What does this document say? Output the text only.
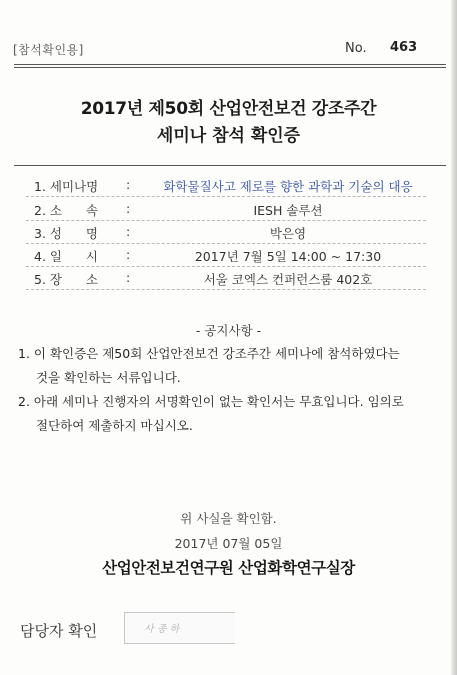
[참석확인용]	No. 463
2017년 제50회 산업안전보건 강조주간
세미나 참석 확인증
1. 세미나명 :	화학물질사고 제로를 향한 과학과 기술의 대응
2. 소      속 :	IESH 솔루션
3. 성      명 :	박은영
4. 일      시 :	2017년 7월 5일 14:00 ~ 17:30
5. 장      소 :	서울 코엑스 컨퍼런스룸 402호
- 공지사항 -
1. 이 확인증은 제50회 산업안전보건 강조주간 세미나에 참석하였다는
것을 확인하는 서류입니다.
2. 아래 세미나 진행자의 서명확인이 없는 확인서는 무효입니다. 임의로
절단하여 제출하지 마십시오.
위 사실을 확인함.
2017년 07월 05일
산업안전보건연구원 산업화학연구실장
담당자 확인	사 종 하
